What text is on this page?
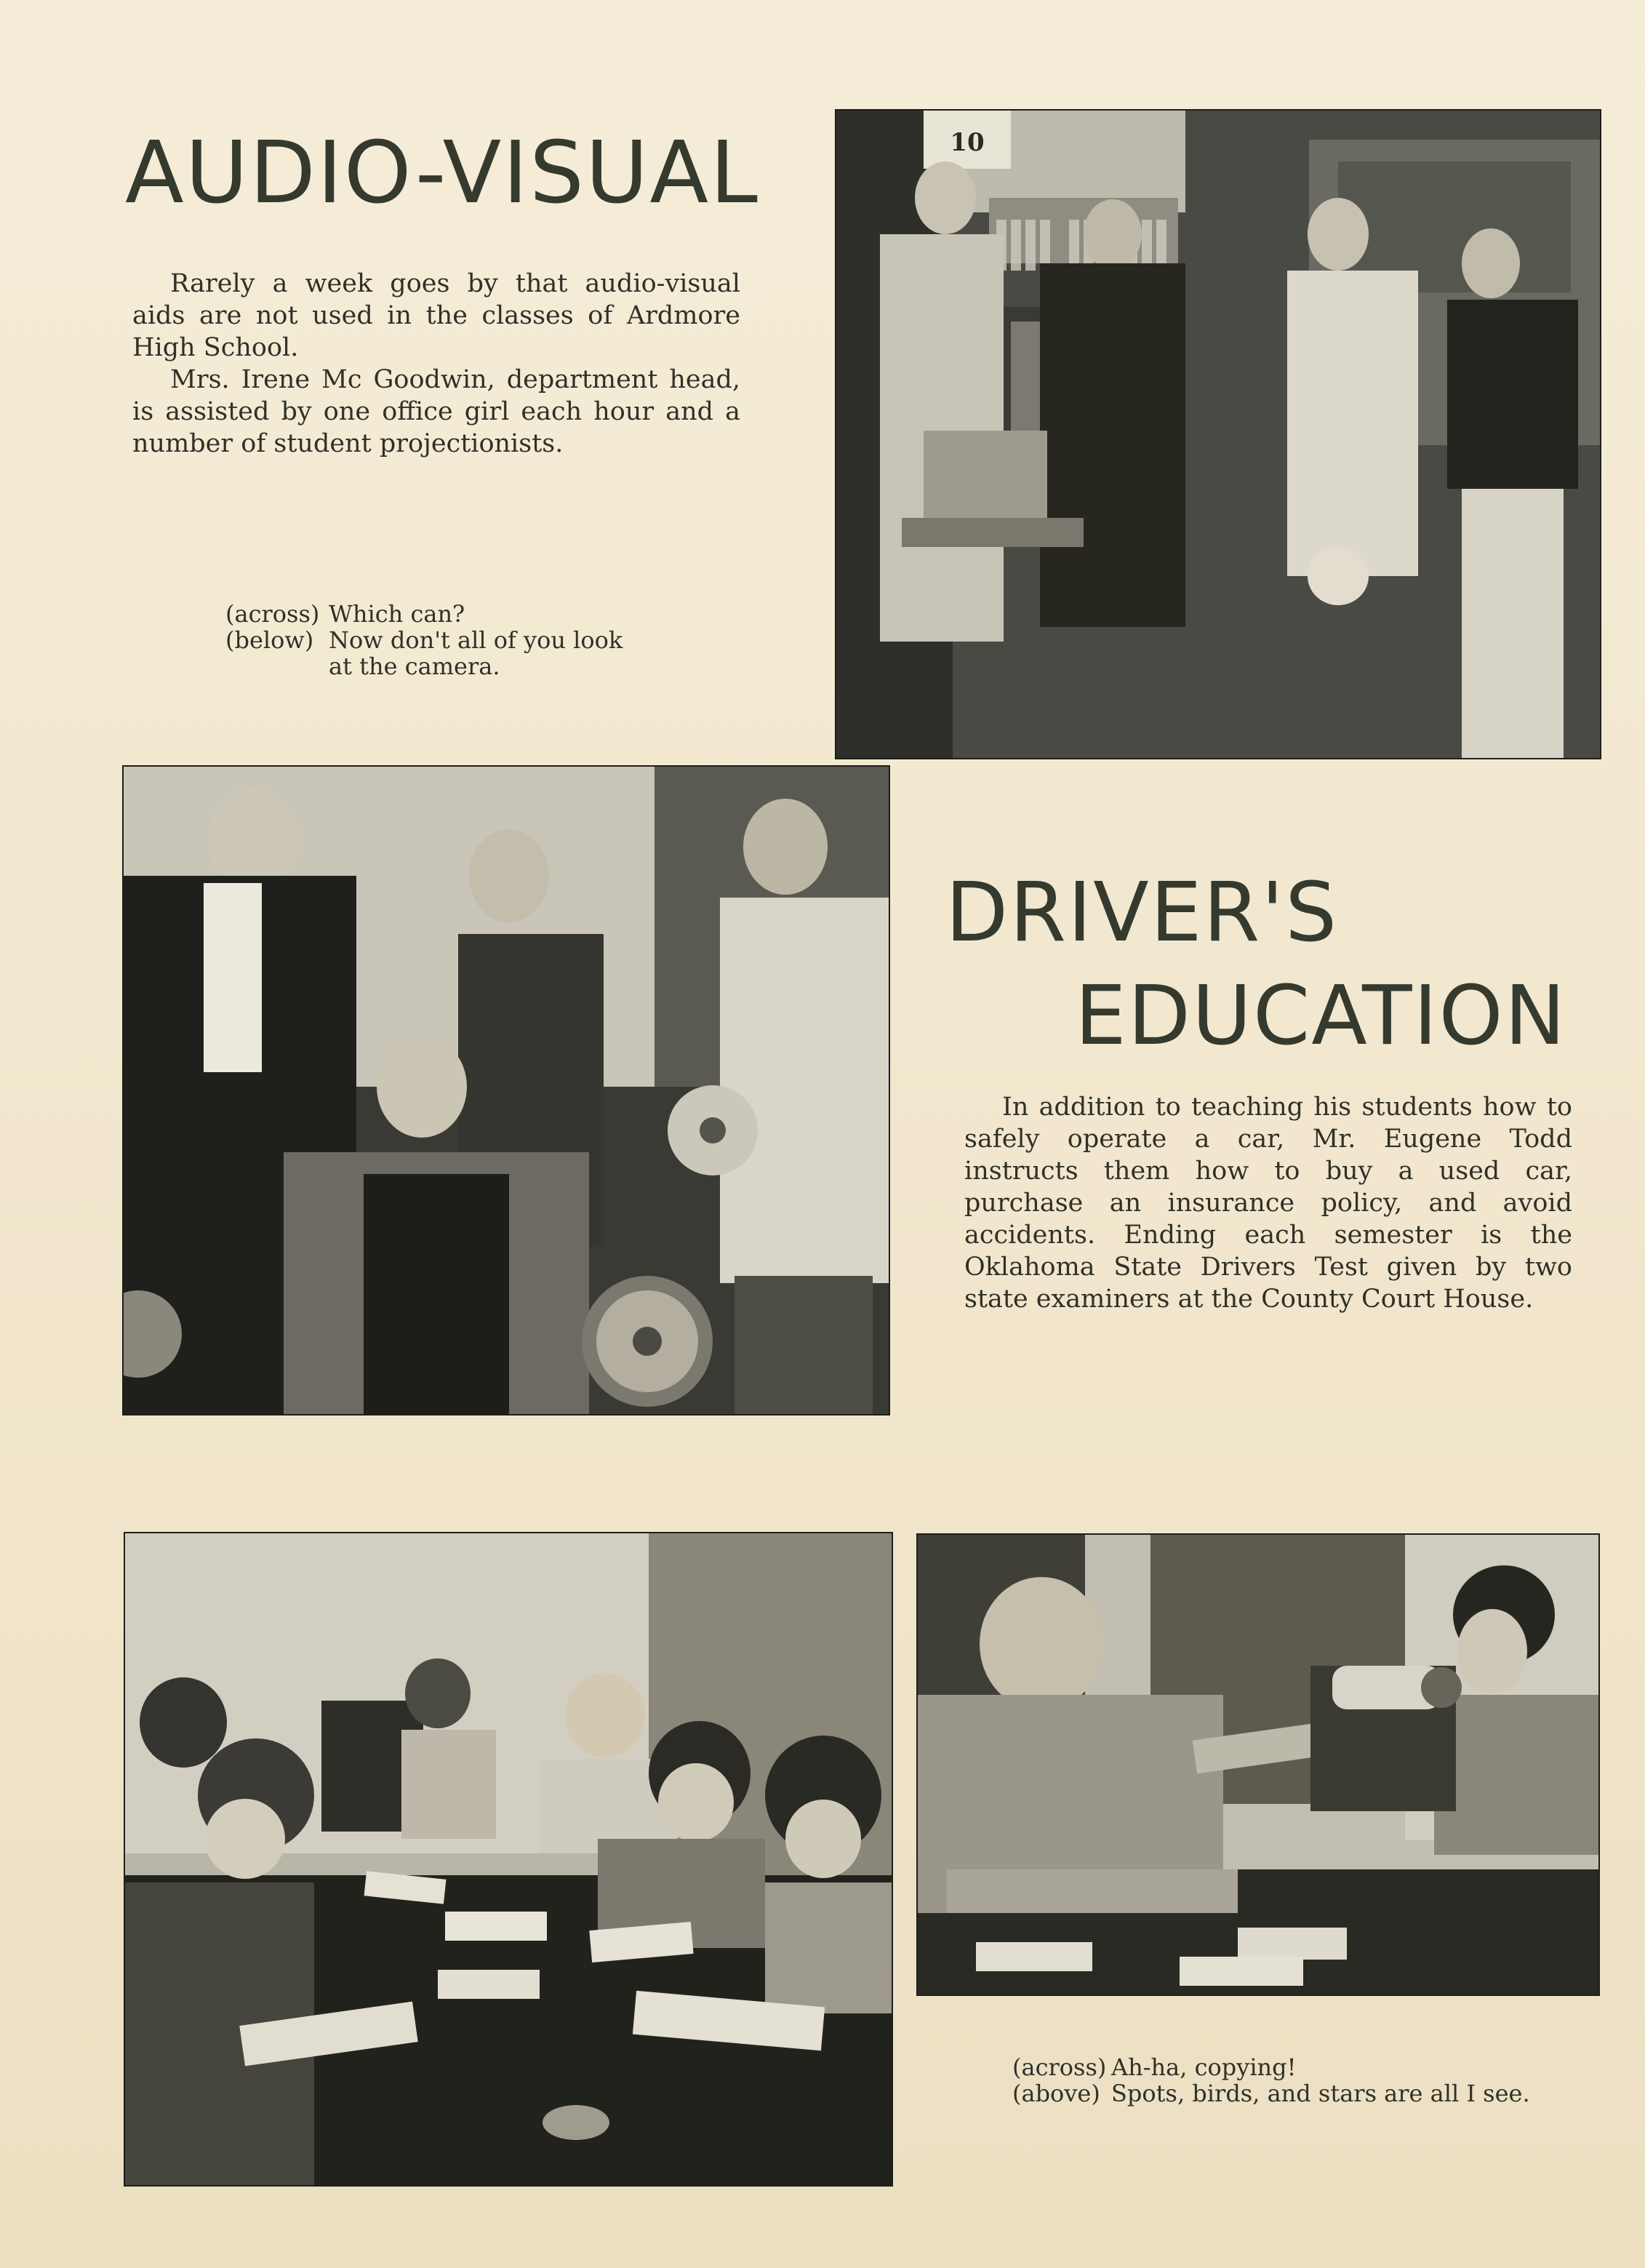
AUDIO-VISUAL

Rarely a week goes by that audio-visual aids are not used in the classes of Ardmore High School.

Mrs. Irene Mc Goodwin, department head, is assisted by one office girl each hour and a number of student projectionists.

(across) Which can?
(below) Now don't all of you look
at the camera.
10
DRIVER'S
EDUCATION

In addition to teaching his students how to safely operate a car, Mr. Eugene Todd instructs them how to buy a used car, purchase an insurance policy, and avoid accidents. Ending each semester is the Oklahoma State Drivers Test given by two state examiners at the County Court House.

(across) Ah-ha, copying!
(above) Spots, birds, and stars are all I see.
